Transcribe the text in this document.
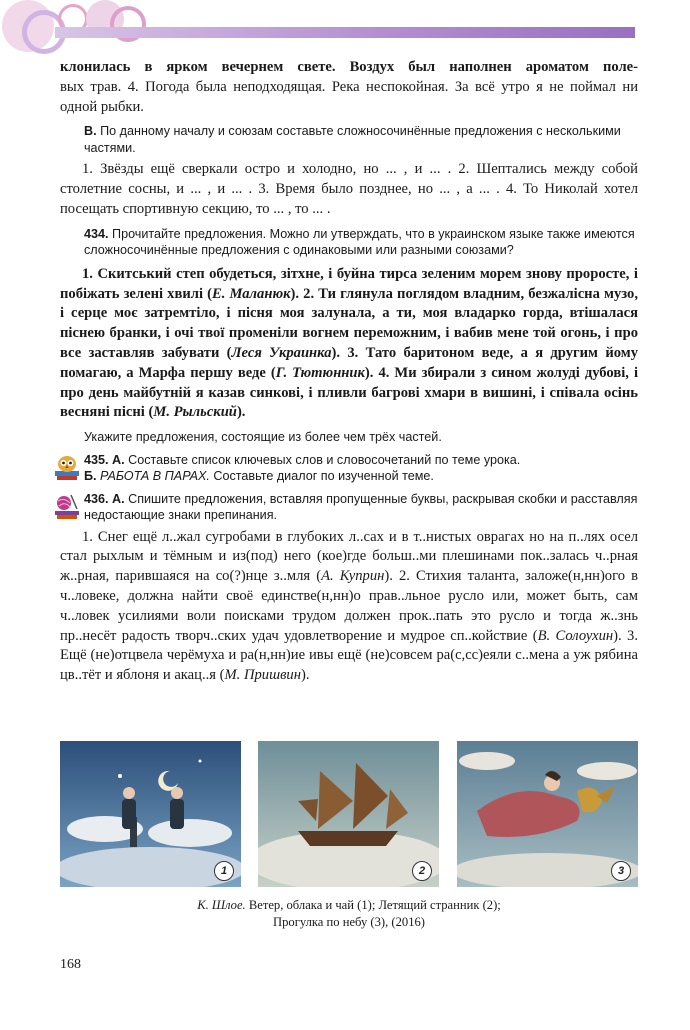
клонилась в ярком вечернем свете. Воздух был наполнен ароматом поле-

вых трав. 4. Погода была неподходящая. Река неспокойная. За всё утро я не поймал ни одной рыбки.

В. По данному началу и союзам составьте сложносочинённые предложения с несколькими частями.

1. Звёзды ещё сверкали остро и холодно, но ... , и ... . 2. Шептались между собой столетние сосны, и ... , и ... . 3. Время было позднее, но ... , а ... . 4. То Николай хотел посещать спортивную секцию, то ... , то ... .

434. Прочитайте предложения. Можно ли утверждать, что в украинском языке также имеются сложносочинённые предложения с одинаковыми или разными союзами?

1. Скитський степ обудеться, зітхне, і буйна тирса зеленим морем знову проросте, і побіжать зелені хвилі (Е. Маланюк). 2. Ти глянула поглядом владним, безжалісна музо, і серце моє затремтіло, і пісня моя залунала, а ти, моя владарко горда, втішалася піснею бранки, і очі твої променіли вогнем переможним, і вабив мене той огонь, і про все заставляв забувати (Леся Украинка). 3. Тато баритоном веде, а я другим йому помагаю, а Марфа першу веде (Г. Тютюнник). 4. Ми збирали з сином жолуді дубові, і про день майбутній я казав синкові, і пливли багрові хмари в вишині, і співала осінь весняні пісні (М. Рыльский).

Укажите предложения, состоящие из более чем трёх частей.

435. А. Составьте список ключевых слов и словосочетаний по теме урока.

Б. РАБОТА В ПАРАХ. Составьте диалог по изученной теме.

436. А. Спишите предложения, вставляя пропущенные буквы, раскрывая скобки и расставляя недостающие знаки препинания.

1. Снег ещё л..жал сугробами в глубоких л..сах и в т..нистых оврагах но на п..лях осел стал рыхлым и тёмным и из(под) него (кое)где больш..ми плешинами пок..залась ч..рная ж..рная, парившаяся на со(?)нце з..мля (А. Куприн). 2. Стихия таланта, заложе(н,нн)ого в ч..ловеке, должна найти своё единстве(н,нн)о прав..льное русло или, может быть, сам ч..ловек усилиями воли поисками трудом должен прок..пать это русло и тогда ж..знь пр..несёт радость творч..ских удач удовлетворение и мудрое сп..койствие (В. Солоухин). 3. Ещё (не)отцвела черёмуха и ра(н,нн)ие ивы ещё (не)совсем ра(с,сс)еяли с..мена а уж рябина цв..тёт и яблоня и акац..я (М. Пришвин).

1	2	3
К. Шлое. Ветер, облака и чай (1); Летящий странник (2);
Прогулка по небу (3), (2016)
168
